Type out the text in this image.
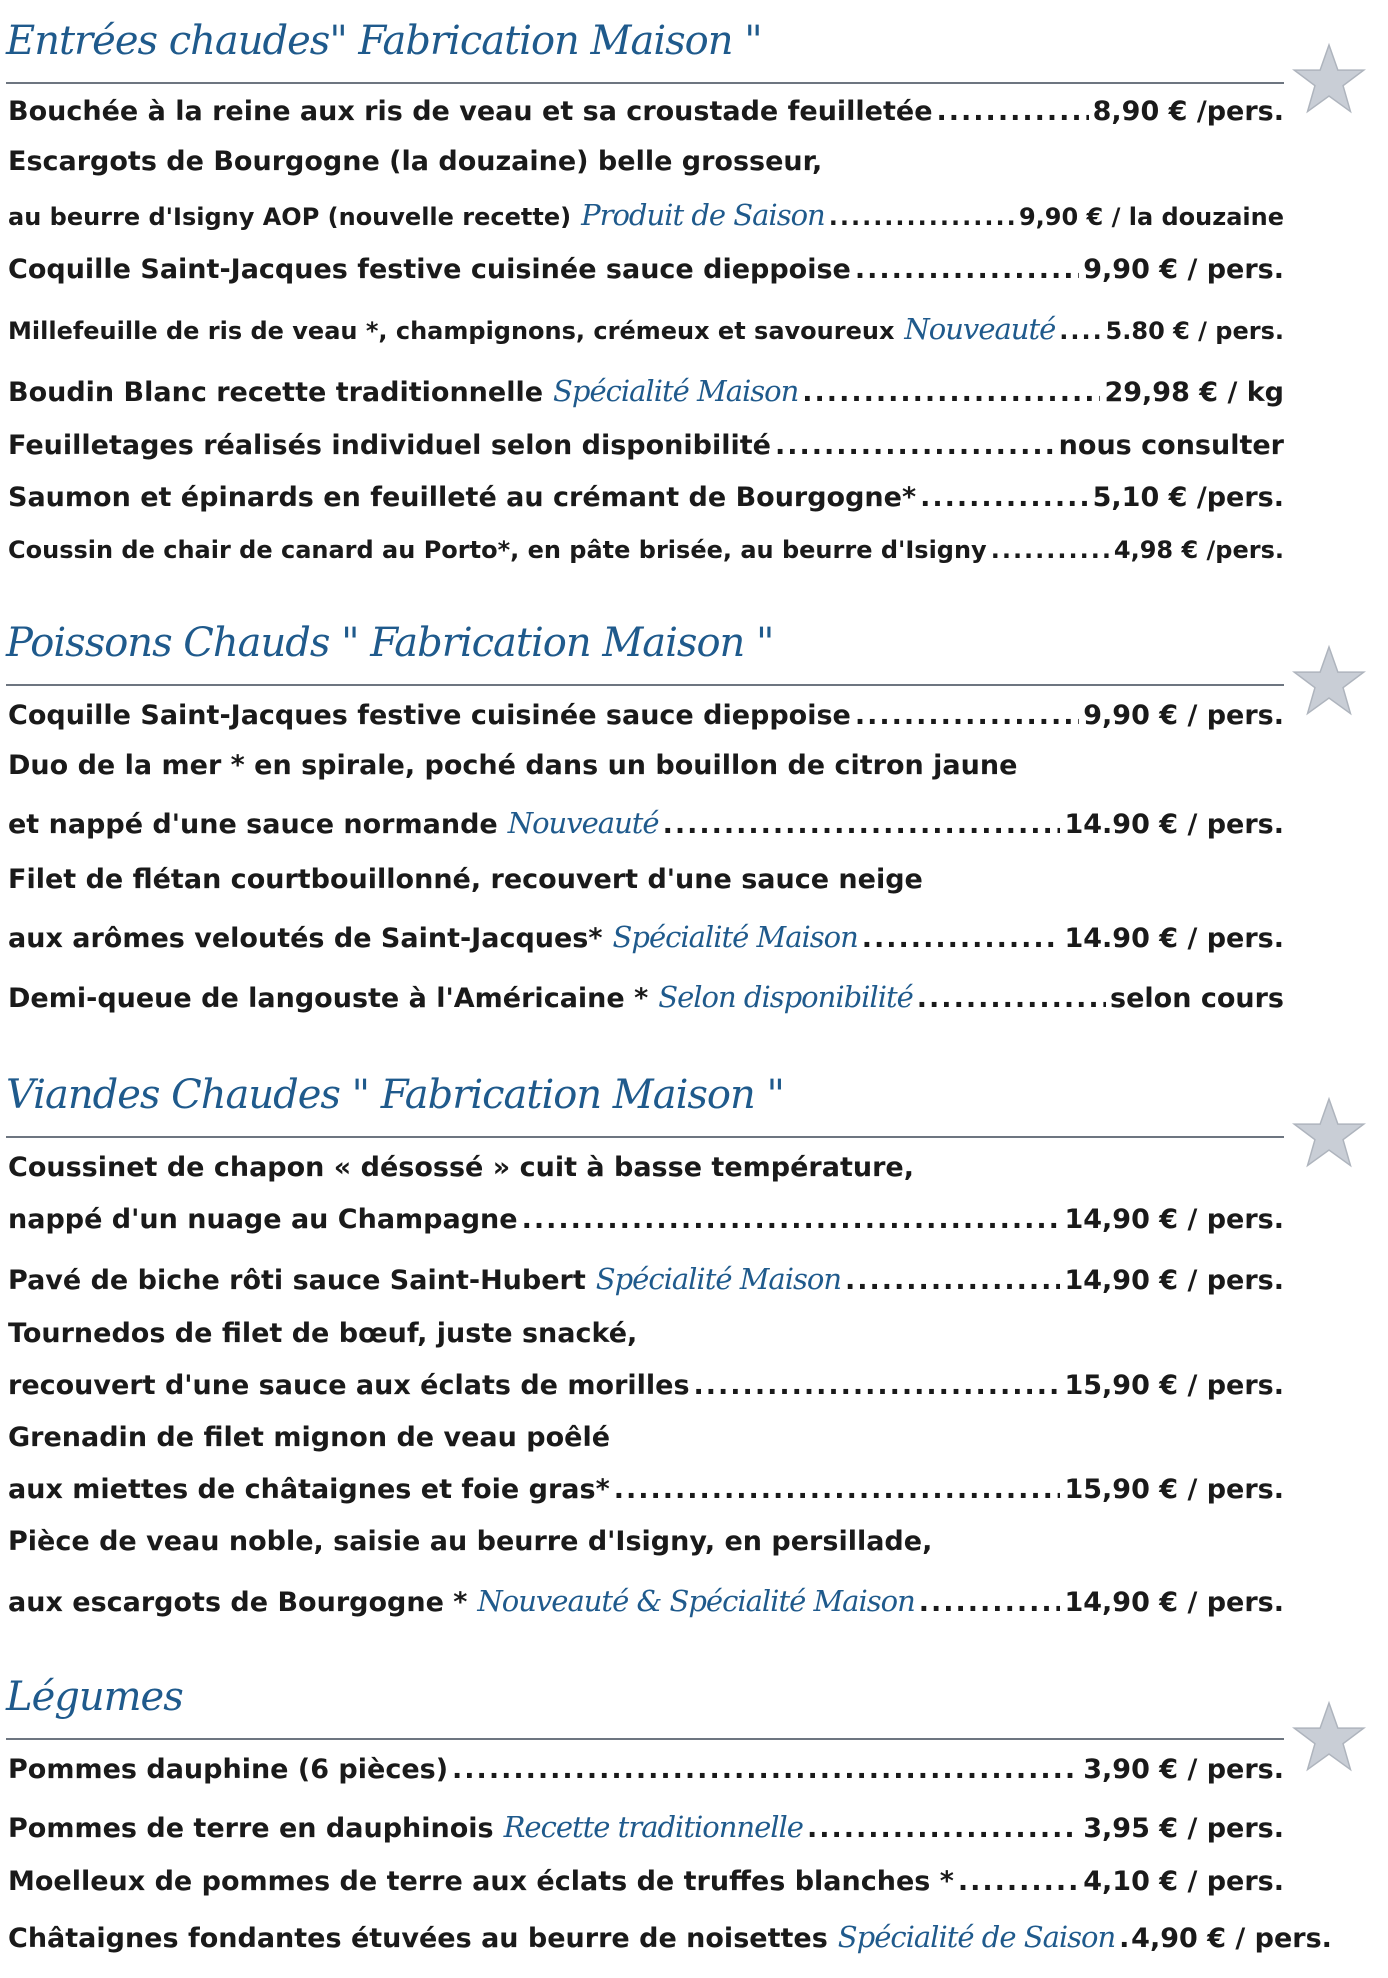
Entrées chaudes" Fabrication Maison "
Bouchée à la reine aux ris de veau et sa croustade feuilletée .....	8,90 € /pers.
Escargots de Bourgogne (la douzaine) belle grosseur,
au beurre d'Isigny AOP (nouvelle recette) Produit de Saison .....	9,90 € / la douzaine
Coquille Saint-Jacques festive cuisinée sauce dieppoise .....	9,90 € / pers.
Millefeuille de ris de veau *, champignons, crémeux et savoureux Nouveauté ..... 5.80 € / pers.
Boudin Blanc recette traditionnelle Spécialité Maison .....	29,98 € / kg
Feuilletages réalisés individuel selon disponibilité .....	nous consulter
Saumon et épinards en feuilleté au crémant de Bourgogne* .....	5,10 € /pers.
Coussin de chair de canard au Porto*, en pâte brisée, au beurre d'Isigny .....	4,98 € /pers.
Poissons Chauds " Fabrication Maison "
Coquille Saint-Jacques festive cuisinée sauce dieppoise .....	9,90 € / pers.
Duo de la mer * en spirale, poché dans un bouillon de citron jaune
et nappé d'une sauce normande Nouveauté .....	14.90 € / pers.
Filet de flétan courtbouillonné, recouvert d'une sauce neige
aux arômes veloutés de Saint-Jacques* Spécialité Maison .....	14.90 € / pers.
Demi-queue de langouste à l'Américaine * Selon disponibilité .....	selon cours
Viandes Chaudes " Fabrication Maison "
Coussinet de chapon « désossé » cuit à basse température,
nappé d'un nuage au Champagne .....	14,90 € / pers.
Pavé de biche rôti sauce Saint-Hubert Spécialité Maison .....	14,90 € / pers.
Tournedos de filet de bœuf, juste snacké,
recouvert d'une sauce aux éclats de morilles .....	15,90 € / pers.
Grenadin de filet mignon de veau poêlé
aux miettes de châtaignes et foie gras* .....	15,90 € / pers.
Pièce de veau noble, saisie au beurre d'Isigny, en persillade,
aux escargots de Bourgogne * Nouveauté & Spécialité Maison .....	14,90 € / pers.
Légumes
Pommes dauphine (6 pièces) .....	3,90 € / pers.
Pommes de terre en dauphinois Recette traditionnelle .....	3,95 € / pers.
Moelleux de pommes de terre aux éclats de truffes blanches * .....	4,10 € / pers.
Châtaignes fondantes étuvées au beurre de noisettes Spécialité de Saison ..... 4,90 € / pers.
